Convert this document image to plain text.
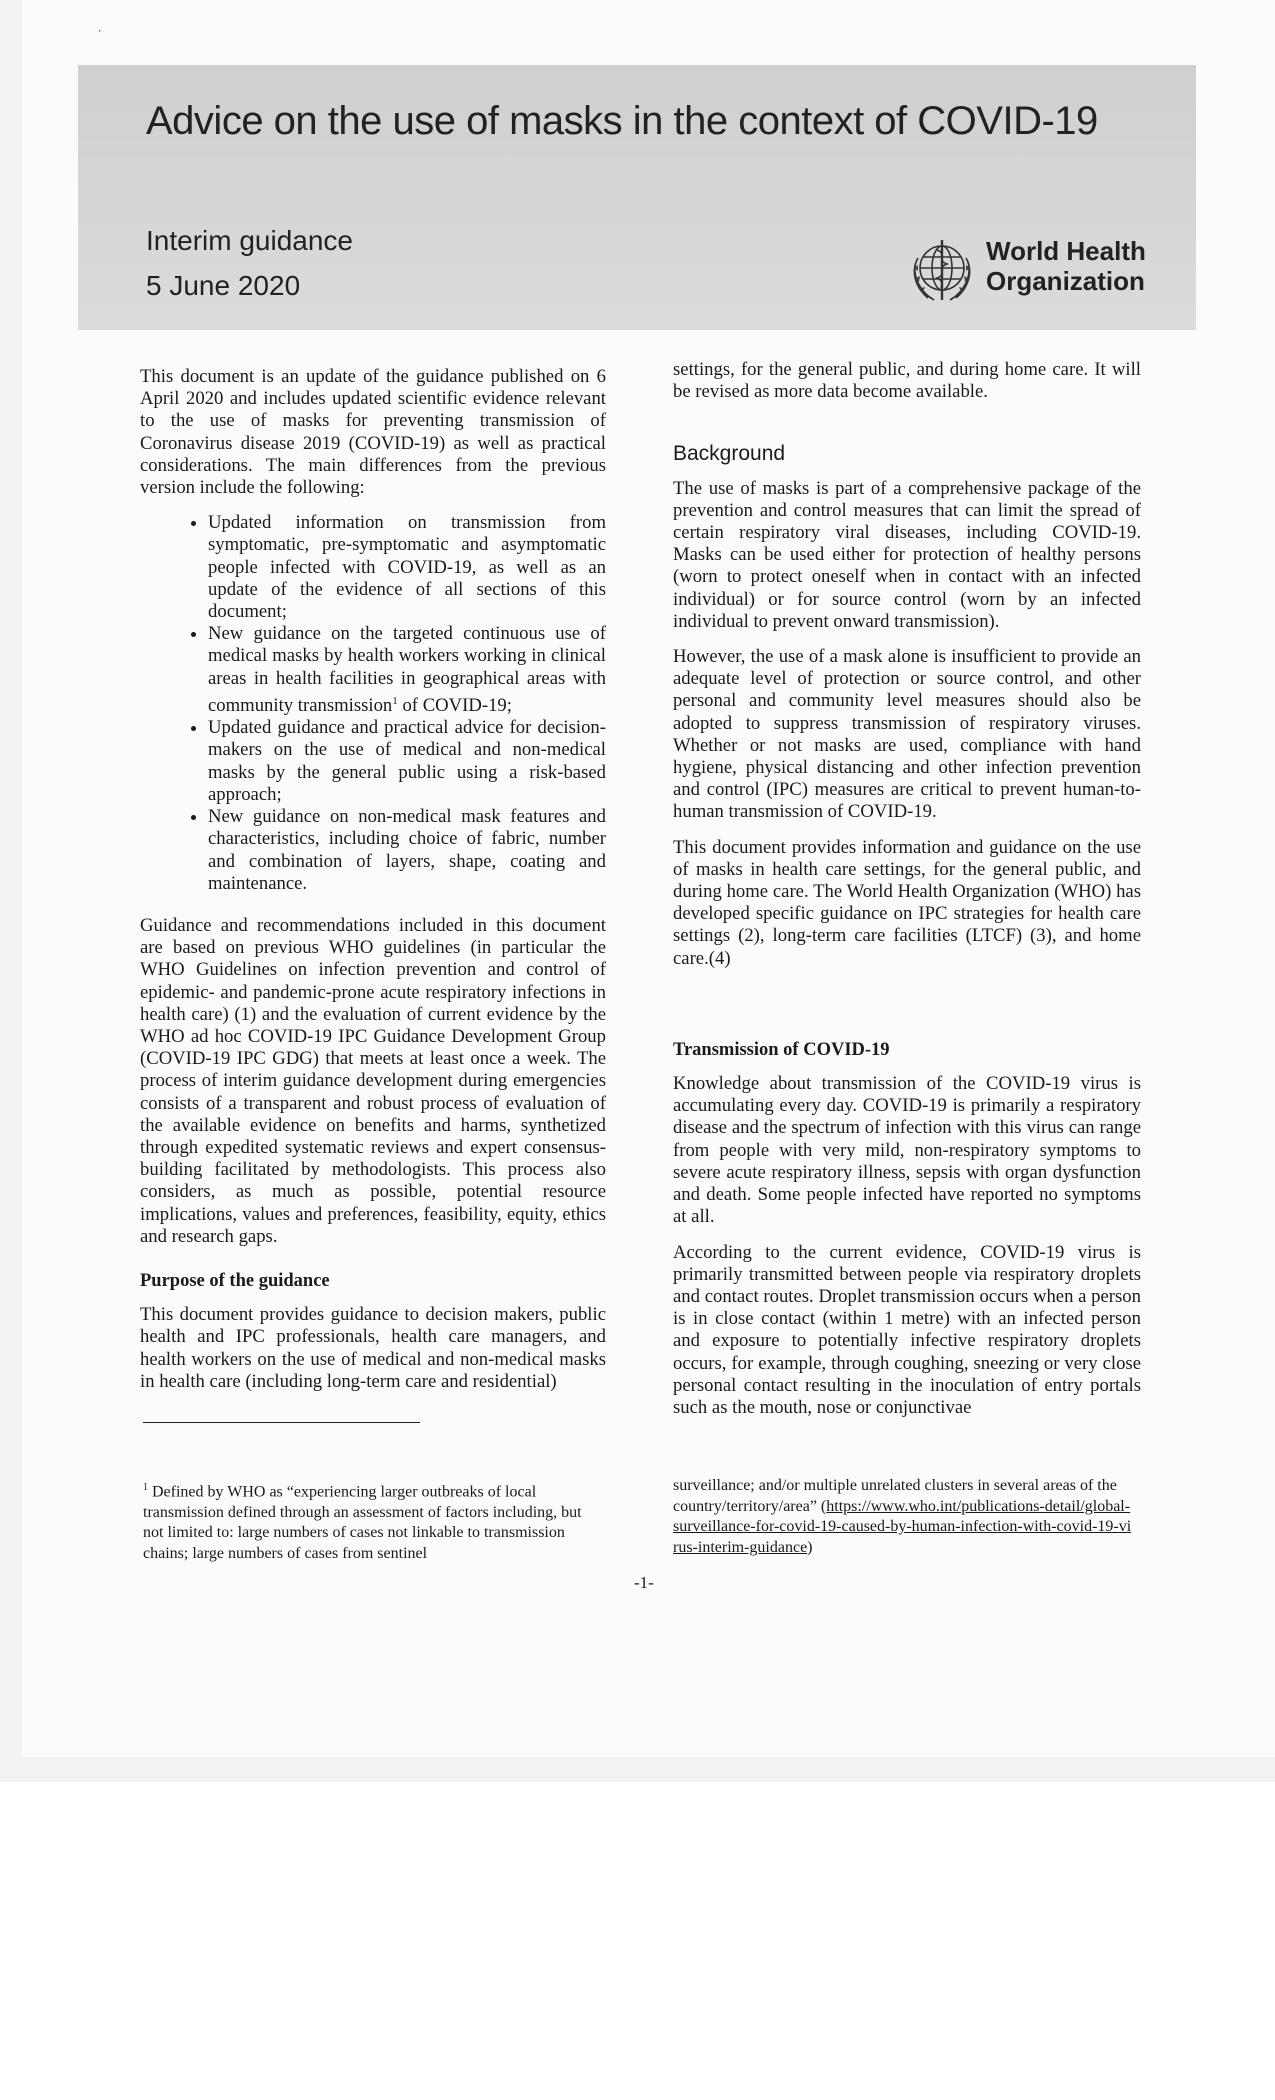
⸱
Advice on the use of masks in the context of COVID-19
Interim guidance
5 June 2020
World Health
Organization

This document is an update of the guidance published on 6 April 2020 and includes updated scientific evidence relevant to the use of masks for preventing transmission of Coronavirus disease 2019 (COVID-19) as well as practical considerations. The main differences from the previous version include the following:

• Updated information on transmission from symptomatic, pre-symptomatic and asymptomatic people infected with COVID-19, as well as an update of the evidence of all sections of this document;
• New guidance on the targeted continuous use of medical masks by health workers working in clinical areas in health facilities in geographical areas with community transmission$^1$ of COVID-19;
• Updated guidance and practical advice for decision-makers on the use of medical and non-medical masks by the general public using a risk-based approach;
• New guidance on non-medical mask features and characteristics, including choice of fabric, number and combination of layers, shape, coating and maintenance.

Guidance and recommendations included in this document are based on previous WHO guidelines (in particular the WHO Guidelines on infection prevention and control of epidemic- and pandemic-prone acute respiratory infections in health care) (1) and the evaluation of current evidence by the WHO ad hoc COVID-19 IPC Guidance Development Group (COVID-19 IPC GDG) that meets at least once a week. The process of interim guidance development during emergencies consists of a transparent and robust process of evaluation of the available evidence on benefits and harms, synthetized through expedited systematic reviews and expert consensus-building facilitated by methodologists. This process also considers, as much as possible, potential resource implications, values and preferences, feasibility, equity, ethics and research gaps.

Purpose of the guidance

This document provides guidance to decision makers, public health and IPC professionals, health care managers, and health workers on the use of medical and non-medical masks in health care (including long-term care and residential)

settings, for the general public, and during home care. It will be revised as more data become available.

Background

The use of masks is part of a comprehensive package of the prevention and control measures that can limit the spread of certain respiratory viral diseases, including COVID-19. Masks can be used either for protection of healthy persons (worn to protect oneself when in contact with an infected individual) or for source control (worn by an infected individual to prevent onward transmission).

However, the use of a mask alone is insufficient to provide an adequate level of protection or source control, and other personal and community level measures should also be adopted to suppress transmission of respiratory viruses. Whether or not masks are used, compliance with hand hygiene, physical distancing and other infection prevention and control (IPC) measures are critical to prevent human-to-human transmission of COVID-19.

This document provides information and guidance on the use of masks in health care settings, for the general public, and during home care. The World Health Organization (WHO) has developed specific guidance on IPC strategies for health care settings (2), long-term care facilities (LTCF) (3), and home care.(4)

Transmission of COVID-19

Knowledge about transmission of the COVID-19 virus is accumulating every day. COVID-19 is primarily a respiratory disease and the spectrum of infection with this virus can range from people with very mild, non-respiratory symptoms to severe acute respiratory illness, sepsis with organ dysfunction and death. Some people infected have reported no symptoms at all.

According to the current evidence, COVID-19 virus is primarily transmitted between people via respiratory droplets and contact routes. Droplet transmission occurs when a person is in close contact (within 1 metre) with an infected person and exposure to potentially infective respiratory droplets occurs, for example, through coughing, sneezing or very close personal contact resulting in the inoculation of entry portals such as the mouth, nose or conjunctivae

$^1$ Defined by WHO as “experiencing larger outbreaks of local transmission defined through an assessment of factors including, but not limited to: large numbers of cases not linkable to transmission chains; large numbers of cases from sentinel
surveillance; and/or multiple unrelated clusters in several areas of the country/territory/area” (https://www.who.int/publications-detail/global-surveillance-for-covid-19-caused-by-human-infection-with-covid-19-virus-interim-guidance)
-1-
